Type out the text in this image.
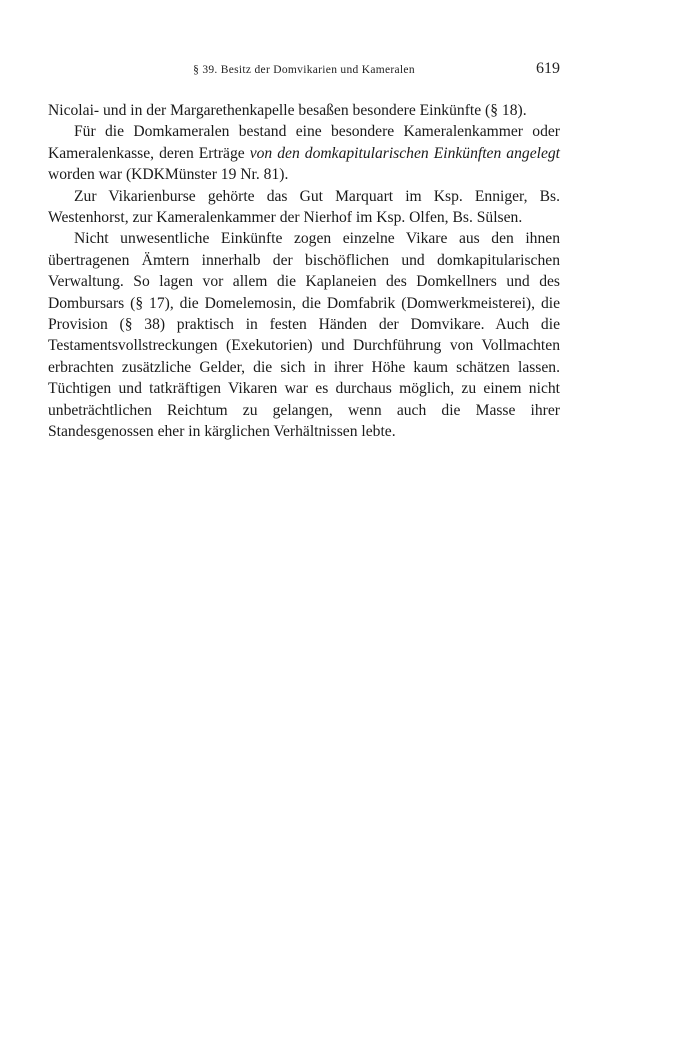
§ 39. Besitz der Domvikarien und Kameralen	619

Nicolai- und in der Margarethenkapelle besaßen besondere Einkünfte (§ 18).

Für die Domkameralen bestand eine besondere Kameralenkammer oder Kameralenkasse, deren Erträge von den domkapitularischen Einkünften angelegt worden war (KDKMünster 19 Nr. 81).

Zur Vikarienburse gehörte das Gut Marquart im Ksp. Enniger, Bs. Westenhorst, zur Kameralenkammer der Nierhof im Ksp. Olfen, Bs. Sülsen.

Nicht unwesentliche Einkünfte zogen einzelne Vikare aus den ihnen übertragenen Ämtern innerhalb der bischöflichen und domkapitularischen Verwaltung. So lagen vor allem die Kaplaneien des Domkellners und des Dombursars (§ 17), die Domelemosin, die Domfabrik (Domwerkmeisterei), die Provision (§ 38) praktisch in festen Händen der Domvikare. Auch die Testamentsvollstreckungen (Exekutorien) und Durchführung von Vollmachten erbrachten zusätzliche Gelder, die sich in ihrer Höhe kaum schätzen lassen. Tüchtigen und tatkräftigen Vikaren war es durchaus möglich, zu einem nicht unbeträchtlichen Reichtum zu gelangen, wenn auch die Masse ihrer Standesgenossen eher in kärglichen Verhältnissen lebte.
